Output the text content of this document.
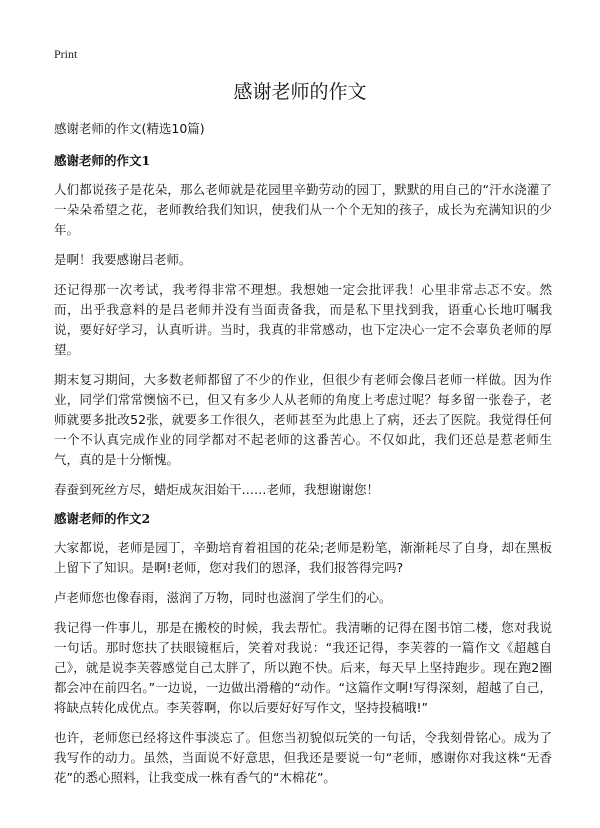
Print
感谢老师的作文
感谢老师的作文(精选10篇)
感谢老师的作文1

人们都说孩子是花朵，那么老师就是花园里辛勤劳动的园丁，默默的用自己的“汗水浇灌了一朵朵希望之花，老师教给我们知识，使我们从一个个无知的孩子，成长为充满知识的少年。

是啊！我要感谢吕老师。

还记得那一次考试，我考得非常不理想。我想她一定会批评我！心里非常忐忑不安。然而，出乎我意料的是吕老师并没有当面责备我，而是私下里找到我，语重心长地叮嘱我说，要好好学习，认真听讲。当时，我真的非常感动，也下定决心一定不会辜负老师的厚望。

期末复习期间，大多数老师都留了不少的作业，但很少有老师会像吕老师一样做。因为作业，同学们常常懊恼不已，但又有多少人从老师的角度上考虑过呢？每多留一张卷子，老师就要多批改52张，就要多工作很久，老师甚至为此患上了病，还去了医院。我觉得任何一个不认真完成作业的同学都对不起老师的这番苦心。不仅如此，我们还总是惹老师生气，真的是十分惭愧。

春蚕到死丝方尽，蜡炬成灰泪始干……老师，我想谢谢您！

感谢老师的作文2

大家都说，老师是园丁，辛勤培育着祖国的花朵;老师是粉笔，渐渐耗尽了自身，却在黑板上留下了知识。是啊!老师，您对我们的恩泽，我们报答得完吗?

卢老师您也像春雨，滋润了万物，同时也滋润了学生们的心。

我记得一件事儿，那是在搬校的时候，我去帮忙。我清晰的记得在图书馆二楼，您对我说一句话。那时您扶了扶眼镜框后，笑着对我说：“我还记得，李芙蓉的一篇作文《超越自己》，就是说李芙蓉感觉自己太胖了，所以跑不快。后来，每天早上坚持跑步。现在跑2圈都会冲在前四名。”一边说，一边做出滑稽的“动作。“这篇作文啊!写得深刻，超越了自己，将缺点转化成优点。李芙蓉啊，你以后要好好写作文，坚持投稿哦!”

也许，老师您已经将这件事淡忘了。但您当初貌似玩笑的一句话，令我刻骨铭心。成为了我写作的动力。虽然，当面说不好意思，但我还是要说一句“老师，感谢你对我这株“无香花”的悉心照料，让我变成一株有香气的“木棉花”。
